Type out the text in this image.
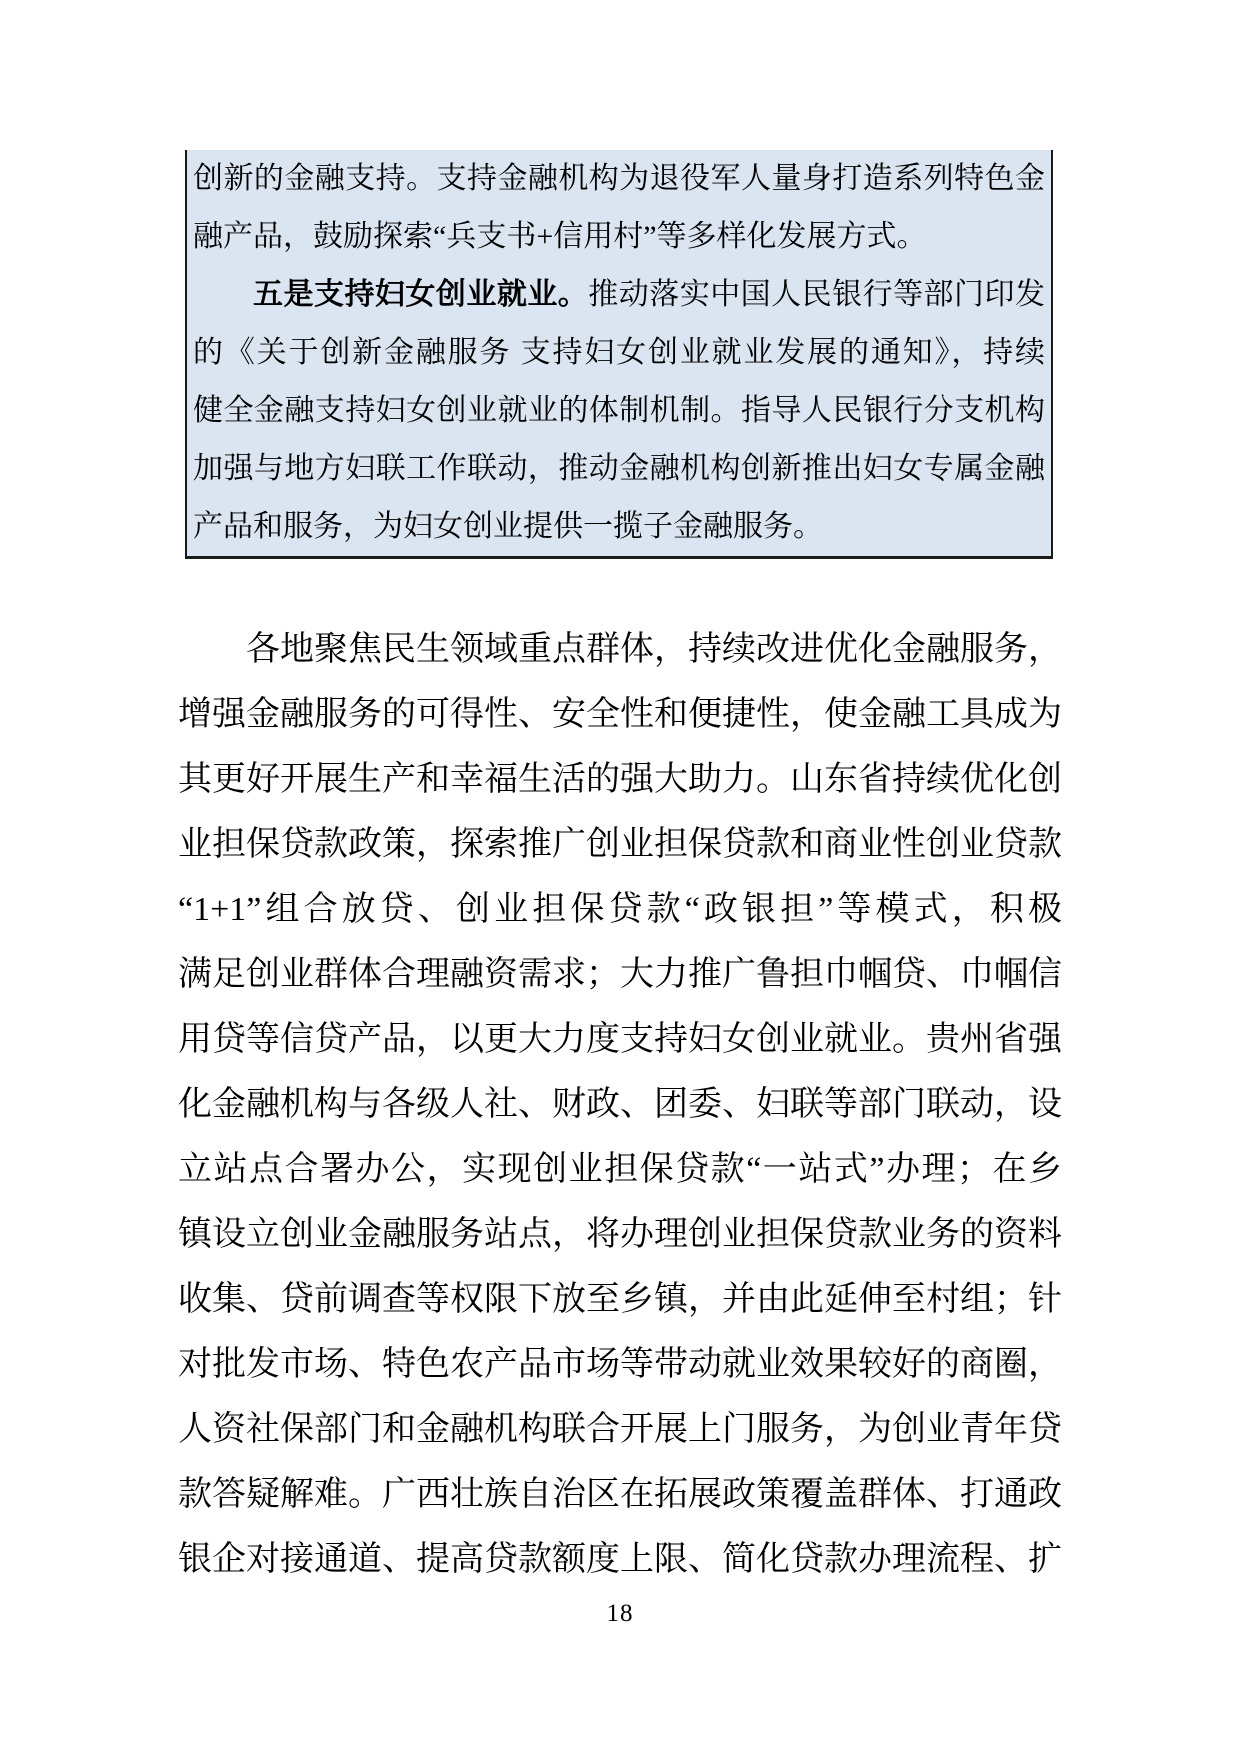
创新的金融支持。支持金融机构为退役军人量身打造系列特色金
融产品，鼓励探索“兵支书+信用村”等多样化发展方式。
五是支持妇女创业就业。推动落实中国人民银行等部门印发
的《关于创新金融服务 支持妇女创业就业发展的通知》，持续
健全金融支持妇女创业就业的体制机制。指导人民银行分支机构
加强与地方妇联工作联动，推动金融机构创新推出妇女专属金融
产品和服务，为妇女创业提供一揽子金融服务。
各地聚焦民生领域重点群体，持续改进优化金融服务，
增强金融服务的可得性、安全性和便捷性，使金融工具成为
其更好开展生产和幸福生活的强大助力。山东省持续优化创
业担保贷款政策，探索推广创业担保贷款和商业性创业贷款
“1+1”组合放贷、创业担保贷款“政银担”等模式，积极
满足创业群体合理融资需求；大力推广鲁担巾帼贷、巾帼信
用贷等信贷产品，以更大力度支持妇女创业就业。贵州省强
化金融机构与各级人社、财政、团委、妇联等部门联动，设
立站点合署办公，实现创业担保贷款“一站式”办理；在乡
镇设立创业金融服务站点，将办理创业担保贷款业务的资料
收集、贷前调查等权限下放至乡镇，并由此延伸至村组；针
对批发市场、特色农产品市场等带动就业效果较好的商圈，
人资社保部门和金融机构联合开展上门服务，为创业青年贷
款答疑解难。广西壮族自治区在拓展政策覆盖群体、打通政
银企对接通道、提高贷款额度上限、简化贷款办理流程、扩
18
